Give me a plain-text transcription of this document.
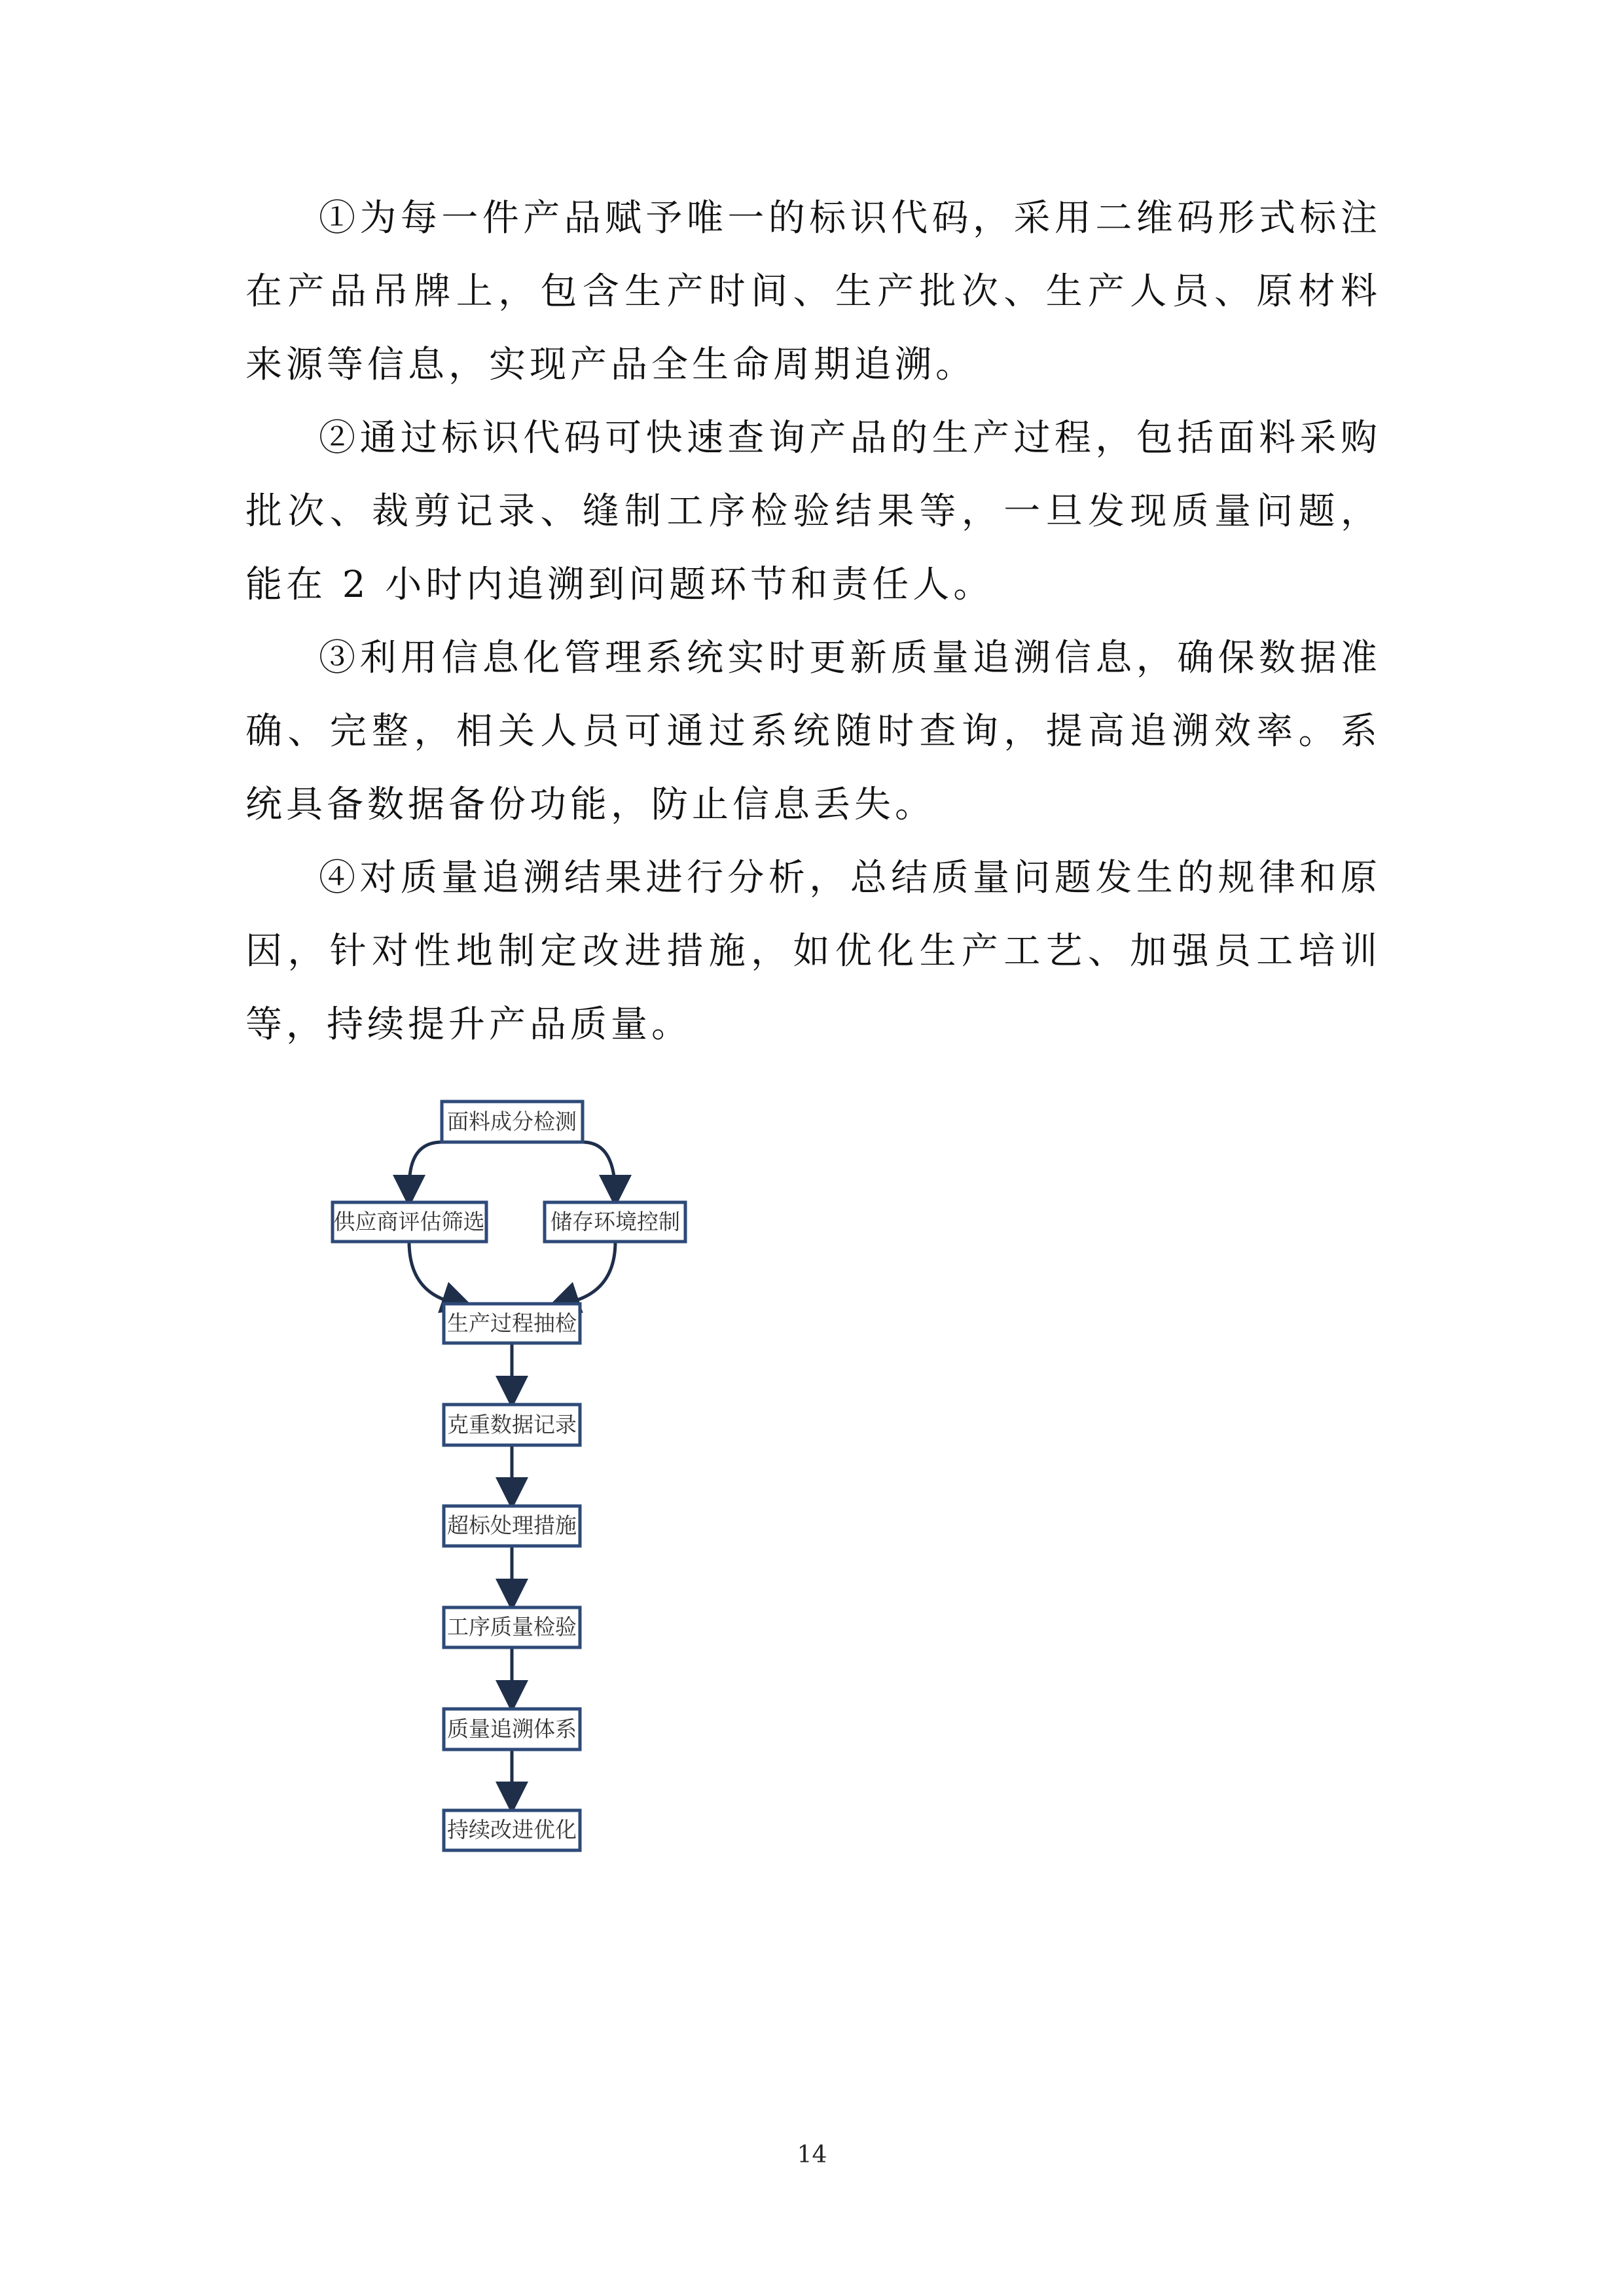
①为每一件产品赋予唯一的标识代码，采用二维码形式标注在产品吊牌上，包含生产时间、生产批次、生产人员、原材料来源等信息，实现产品全生命周期追溯。

②通过标识代码可快速查询产品的生产过程，包括面料采购批次、裁剪记录、缝制工序检验结果等，一旦发现质量问题，能在 2 小时内追溯到问题环节和责任人。

③利用信息化管理系统实时更新质量追溯信息，确保数据准确、完整，相关人员可通过系统随时查询，提高追溯效率。系统具备数据备份功能，防止信息丢失。

④对质量追溯结果进行分析，总结质量问题发生的规律和原因，针对性地制定改进措施，如优化生产工艺、加强员工培训等，持续提升产品质量。

面料成分检测
供应商评估筛选	储存环境控制
生产过程抽检
克重数据记录
超标处理措施
工序质量检验
质量追溯体系
持续改进优化
14
